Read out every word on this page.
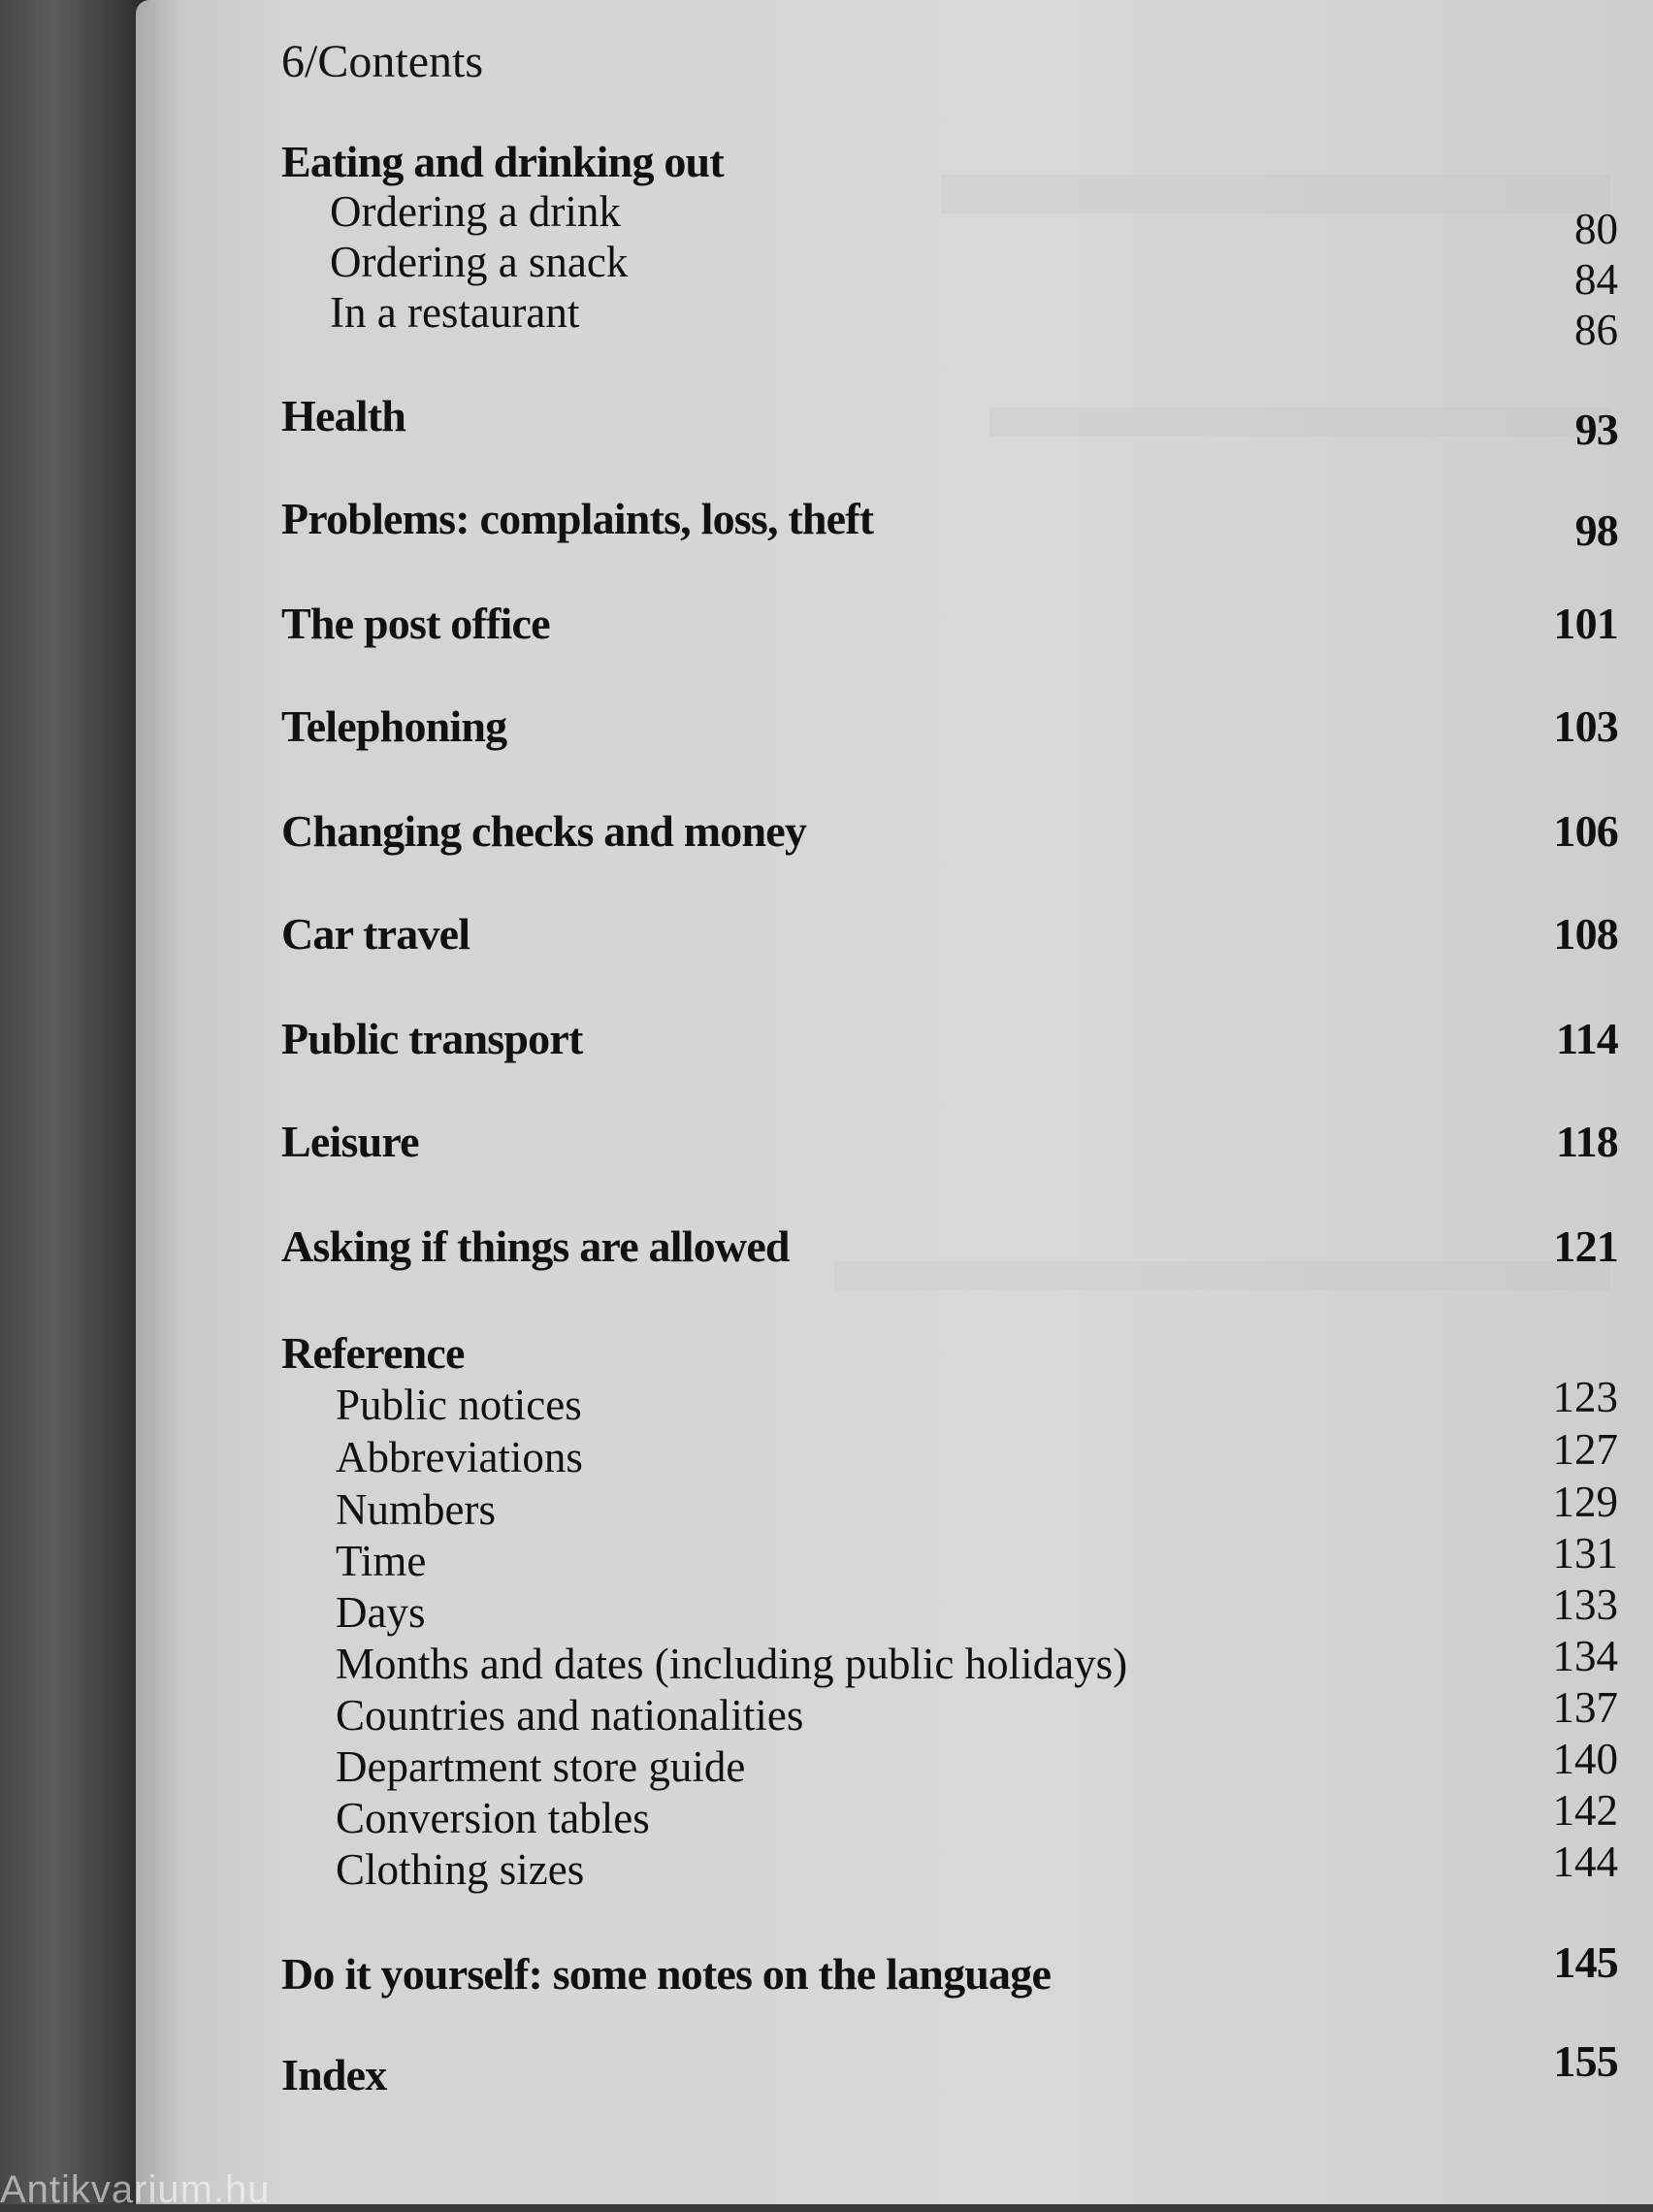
6/Contents
Eating and drinking out
Ordering a drink	80
Ordering a snack	84
In a restaurant	86
Health	93
Problems: complaints, loss, theft	98
The post office	101
Telephoning	103
Changing checks and money	106
Car travel	108
Public transport	114
Leisure	118
Asking if things are allowed	121
Reference
Public notices	123
Abbreviations	127
Numbers	129
Time	131
Days	133
Months and dates (including public holidays)	134
Countries and nationalities	137
Department store guide	140
Conversion tables	142
Clothing sizes	144
Do it yourself: some notes on the language	145
Index	155
Antikvarium.hu
